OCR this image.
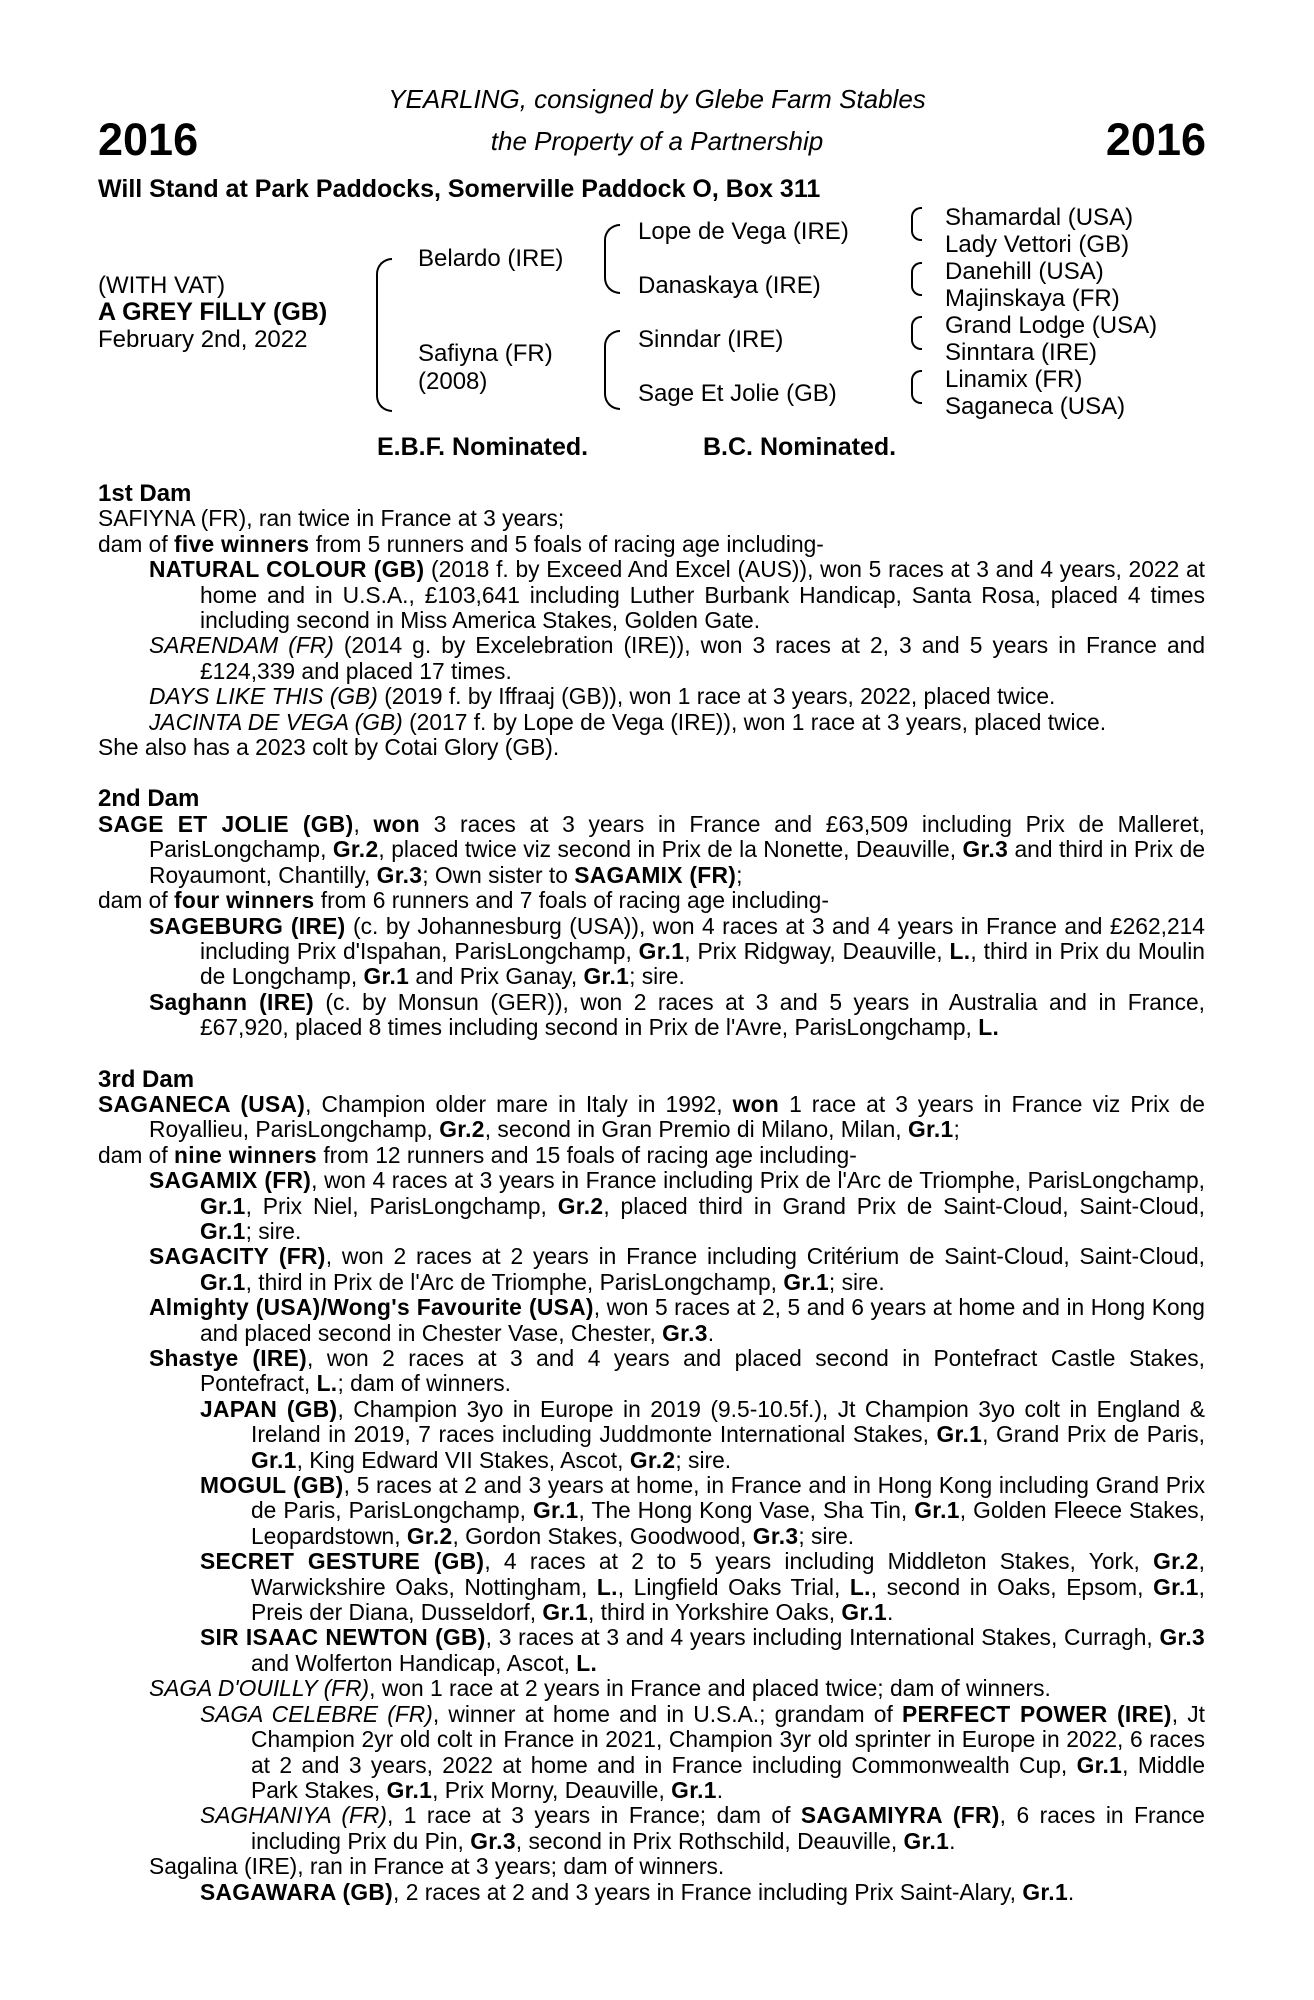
2016	2016
YEARLING, consigned by Glebe Farm Stables
the Property of a Partnership
Will Stand at Park Paddocks, Somerville Paddock O, Box 311
(WITH VAT)
A GREY FILLY (GB)
February 2nd, 2022
Belardo (IRE)
Safiyna (FR)
(2008)
Lope de Vega (IRE)
Danaskaya (IRE)
Sinndar (IRE)
Sage Et Jolie (GB)
Shamardal (USA)
Lady Vettori (GB)
Danehill (USA)
Majinskaya (FR)
Grand Lodge (USA)
Sinntara (IRE)
Linamix (FR)
Saganeca (USA)
E.B.F. Nominated.	B.C. Nominated.

1st Dam

SAFIYNA (FR), ran twice in France at 3 years;

dam of five winners from 5 runners and 5 foals of racing age including-

NATURAL COLOUR (GB) (2018 f. by Exceed And Excel (AUS)), won 5 races at 3 and 4 years, 2022 at home and in U.S.A., £103,641 including Luther Burbank Handicap, Santa Rosa, placed 4 times including second in Miss America Stakes, Golden Gate.

SARENDAM (FR) (2014 g. by Excelebration (IRE)), won 3 races at 2, 3 and 5 years in France and £124,339 and placed 17 times.

DAYS LIKE THIS (GB) (2019 f. by Iffraaj (GB)), won 1 race at 3 years, 2022, placed twice.

JACINTA DE VEGA (GB) (2017 f. by Lope de Vega (IRE)), won 1 race at 3 years, placed twice.

She also has a 2023 colt by Cotai Glory (GB).

2nd Dam

SAGE ET JOLIE (GB), won 3 races at 3 years in France and £63,509 including Prix de Malleret, ParisLongchamp, Gr.2, placed twice viz second in Prix de la Nonette, Deauville, Gr.3 and third in Prix de Royaumont, Chantilly, Gr.3; Own sister to SAGAMIX (FR);

dam of four winners from 6 runners and 7 foals of racing age including-

SAGEBURG (IRE) (c. by Johannesburg (USA)), won 4 races at 3 and 4 years in France and £262,214 including Prix d'Ispahan, ParisLongchamp, Gr.1, Prix Ridgway, Deauville, L., third in Prix du Moulin de Longchamp, Gr.1 and Prix Ganay, Gr.1; sire.

Saghann (IRE) (c. by Monsun (GER)), won 2 races at 3 and 5 years in Australia and in France, £67,920, placed 8 times including second in Prix de l'Avre, ParisLongchamp, L.

3rd Dam

SAGANECA (USA), Champion older mare in Italy in 1992, won 1 race at 3 years in France viz Prix de Royallieu, ParisLongchamp, Gr.2, second in Gran Premio di Milano, Milan, Gr.1;

dam of nine winners from 12 runners and 15 foals of racing age including-

SAGAMIX (FR), won 4 races at 3 years in France including Prix de l'Arc de Triomphe, ParisLongchamp, Gr.1, Prix Niel, ParisLongchamp, Gr.2, placed third in Grand Prix de Saint-Cloud, Saint-Cloud, Gr.1; sire.

SAGACITY (FR), won 2 races at 2 years in France including Critérium de Saint-Cloud, Saint-Cloud, Gr.1, third in Prix de l'Arc de Triomphe, ParisLongchamp, Gr.1; sire.

Almighty (USA)/Wong's Favourite (USA), won 5 races at 2, 5 and 6 years at home and in Hong Kong and placed second in Chester Vase, Chester, Gr.3.

Shastye (IRE), won 2 races at 3 and 4 years and placed second in Pontefract Castle Stakes, Pontefract, L.; dam of winners.

JAPAN (GB), Champion 3yo in Europe in 2019 (9.5-10.5f.), Jt Champion 3yo colt in England & Ireland in 2019, 7 races including Juddmonte International Stakes, Gr.1, Grand Prix de Paris, Gr.1, King Edward VII Stakes, Ascot, Gr.2; sire.

MOGUL (GB), 5 races at 2 and 3 years at home, in France and in Hong Kong including Grand Prix de Paris, ParisLongchamp, Gr.1, The Hong Kong Vase, Sha Tin, Gr.1, Golden Fleece Stakes, Leopardstown, Gr.2, Gordon Stakes, Goodwood, Gr.3; sire.

SECRET GESTURE (GB), 4 races at 2 to 5 years including Middleton Stakes, York, Gr.2, Warwickshire Oaks, Nottingham, L., Lingfield Oaks Trial, L., second in Oaks, Epsom, Gr.1, Preis der Diana, Dusseldorf, Gr.1, third in Yorkshire Oaks, Gr.1.

SIR ISAAC NEWTON (GB), 3 races at 3 and 4 years including International Stakes, Curragh, Gr.3 and Wolferton Handicap, Ascot, L.

SAGA D'OUILLY (FR), won 1 race at 2 years in France and placed twice; dam of winners.

SAGA CELEBRE (FR), winner at home and in U.S.A.; grandam of PERFECT POWER (IRE), Jt Champion 2yr old colt in France in 2021, Champion 3yr old sprinter in Europe in 2022, 6 races at 2 and 3 years, 2022 at home and in France including Commonwealth Cup, Gr.1, Middle Park Stakes, Gr.1, Prix Morny, Deauville, Gr.1.

SAGHANIYA (FR), 1 race at 3 years in France; dam of SAGAMIYRA (FR), 6 races in France including Prix du Pin, Gr.3, second in Prix Rothschild, Deauville, Gr.1.

Sagalina (IRE), ran in France at 3 years; dam of winners.

SAGAWARA (GB), 2 races at 2 and 3 years in France including Prix Saint-Alary, Gr.1.
